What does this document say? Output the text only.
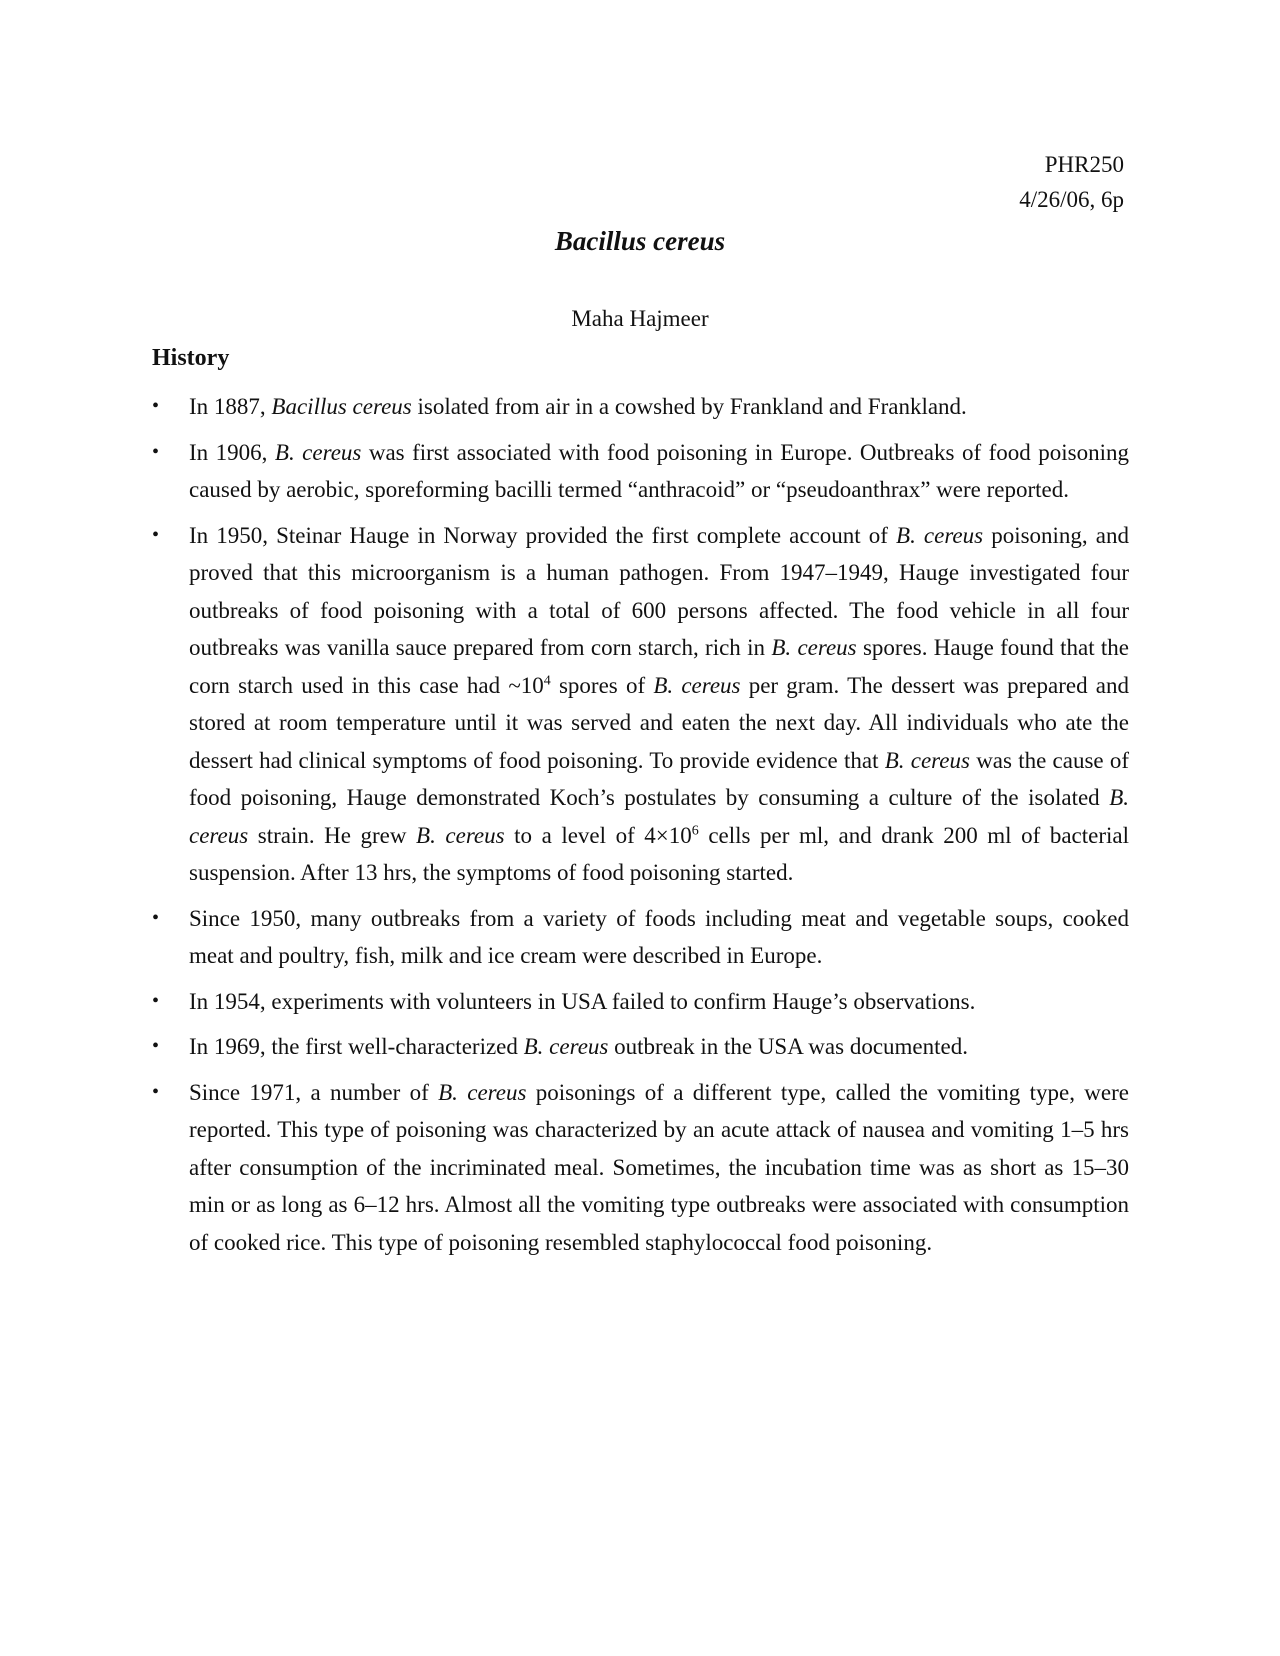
PHR250
4/26/06, 6p
Bacillus cereus
Maha Hajmeer
History
• In 1887, Bacillus cereus isolated from air in a cowshed by Frankland and Frankland.
• In 1906, B. cereus was first associated with food poisoning in Europe. Outbreaks of food poisoning caused by aerobic, sporeforming bacilli termed “anthracoid” or “pseudoanthrax” were reported.
• In 1950, Steinar Hauge in Norway provided the first complete account of B. cereus poisoning, and proved that this microorganism is a human pathogen. From 1947–1949, Hauge investigated four outbreaks of food poisoning with a total of 600 persons affected. The food vehicle in all four outbreaks was vanilla sauce prepared from corn starch, rich in B. cereus spores. Hauge found that the corn starch used in this case had $\sim 10^4$ spores of B. cereus per gram. The dessert was prepared and stored at room temperature until it was served and eaten the next day. All individuals who ate the dessert had clinical symptoms of food poisoning. To provide evidence that B. cereus was the cause of food poisoning, Hauge demonstrated Koch’s postulates by consuming a culture of the isolated B. cereus strain. He grew B. cereus to a level of $4\times 10^6$ cells per ml, and drank 200 ml of bacterial suspension. After 13 hrs, the symptoms of food poisoning started.
• Since 1950, many outbreaks from a variety of foods including meat and vegetable soups, cooked meat and poultry, fish, milk and ice cream were described in Europe.
• In 1954, experiments with volunteers in USA failed to confirm Hauge’s observations.
• In 1969, the first well-characterized B. cereus outbreak in the USA was documented.
• Since 1971, a number of B. cereus poisonings of a different type, called the vomiting type, were reported. This type of poisoning was characterized by an acute attack of nausea and vomiting 1–5 hrs after consumption of the incriminated meal. Sometimes, the incubation time was as short as 15–30 min or as long as 6–12 hrs. Almost all the vomiting type outbreaks were associated with consumption of cooked rice. This type of poisoning resembled staphylococcal food poisoning.
